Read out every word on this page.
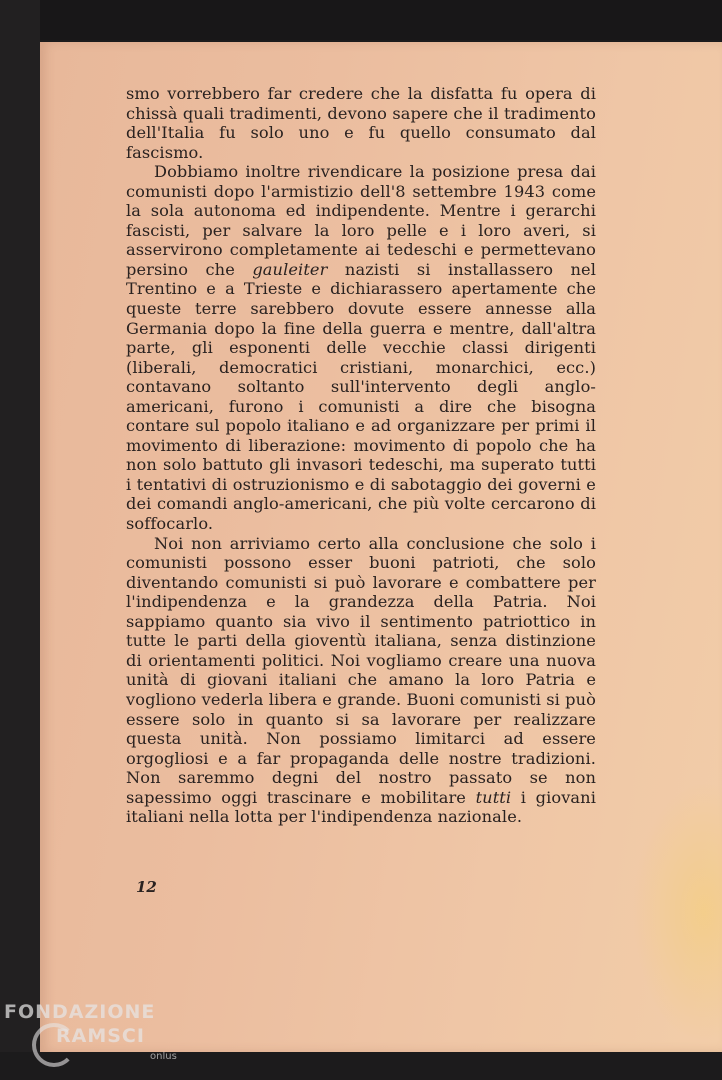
smo vorrebbero far credere che la disfatta fu opera di chissà quali tradimenti, devono sapere che il tradimento dell'Italia fu solo uno e fu quello consumato dal fascismo.

Dobbiamo inoltre rivendicare la posizione presa dai comunisti dopo l'armistizio dell'8 settembre 1943 come la sola autonoma ed indipendente. Mentre i gerarchi fascisti, per salvare la loro pelle e i loro averi, si asservirono completamente ai tedeschi e permettevano persino che gauleiter nazisti si installassero nel Trentino e a Trieste e dichiarassero apertamente che queste terre sarebbero dovute essere annesse alla Germania dopo la fine della guerra e mentre, dall'altra parte, gli esponenti delle vecchie classi dirigenti (liberali, democratici cristiani, monarchici, ecc.) contavano soltanto sull'intervento degli anglo-americani, furono i comunisti a dire che bisogna contare sul popolo italiano e ad organizzare per primi il movimento di liberazione: movimento di popolo che ha non solo battuto gli invasori tedeschi, ma superato tutti i tentativi di ostruzionismo e di sabotaggio dei governi e dei comandi anglo-americani, che più volte cercarono di soffocarlo.

Noi non arriviamo certo alla conclusione che solo i comunisti possono esser buoni patrioti, che solo diventando comunisti si può lavorare e combattere per l'indipendenza e la grandezza della Patria. Noi sappiamo quanto sia vivo il sentimento patriottico in tutte le parti della gioventù italiana, senza distinzione di orientamenti politici. Noi vogliamo creare una nuova unità di giovani italiani che amano la loro Patria e vogliono vederla libera e grande. Buoni comunisti si può essere solo in quanto si sa lavorare per realizzare questa unità. Non possiamo limitarci ad essere orgogliosi e a far propaganda delle nostre tradizioni. Non saremmo degni del nostro passato se non sapessimo oggi trascinare e mobilitare tutti i giovani italiani nella lotta per l'indipendenza nazionale.

12
FONDAZIONE
RAMSCI
onlus
